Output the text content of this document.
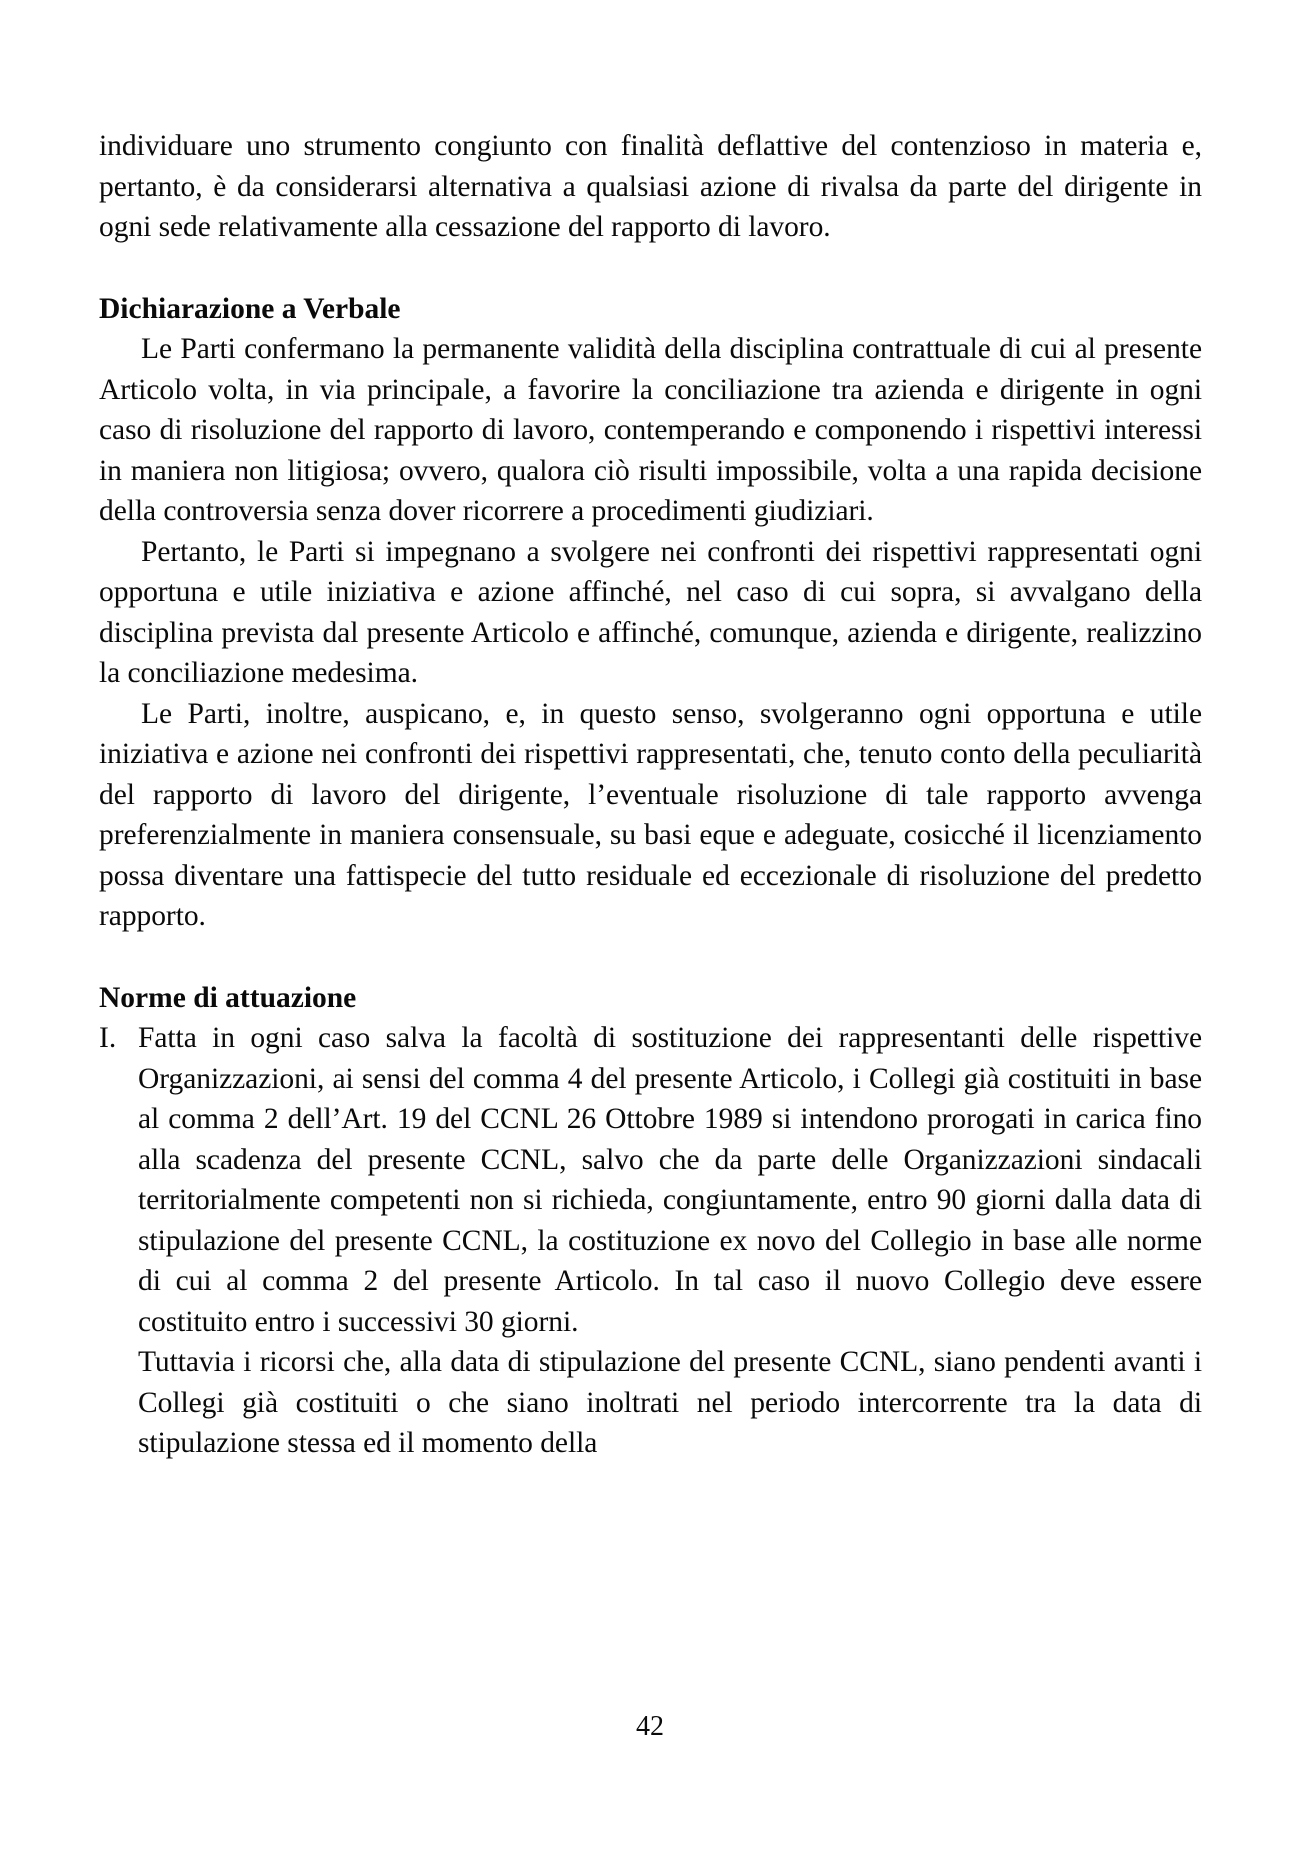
individuare uno strumento congiunto con finalità deflattive del contenzioso in materia e, pertanto, è da considerarsi alternativa a qualsiasi azione di rivalsa da parte del dirigente in ogni sede relativamente alla cessazione del rapporto di lavoro.
Dichiarazione a Verbale
Le Parti confermano la permanente validità della disciplina contrattuale di cui al presente Articolo volta, in via principale, a favorire la conciliazione tra azienda e dirigente in ogni caso di risoluzione del rapporto di lavoro, contemperando e componendo i rispettivi interessi in maniera non litigiosa; ovvero, qualora ciò risulti impossibile, volta a una rapida decisione della controversia senza dover ricorrere a procedimenti giudiziari.
Pertanto, le Parti si impegnano a svolgere nei confronti dei rispettivi rappresentati ogni opportuna e utile iniziativa e azione affinché, nel caso di cui sopra, si avvalgano della disciplina prevista dal presente Articolo e affinché, comunque, azienda e dirigente, realizzino la conciliazione medesima.
Le Parti, inoltre, auspicano, e, in questo senso, svolgeranno ogni opportuna e utile iniziativa e azione nei confronti dei rispettivi rappresentati, che, tenuto conto della peculiarità del rapporto di lavoro del dirigente, l’eventuale risoluzione di tale rapporto avvenga preferenzialmente in maniera consensuale, su basi eque e adeguate, cosicché il licenziamento possa diventare una fattispecie del tutto residuale ed eccezionale di risoluzione del predetto rapporto.
Norme di attuazione
I. Fatta in ogni caso salva la facoltà di sostituzione dei rappresentanti delle rispettive Organizzazioni, ai sensi del comma 4 del presente Articolo, i Collegi già costituiti in base al comma 2 dell’Art. 19 del CCNL 26 Ottobre 1989 si intendono prorogati in carica fino alla scadenza del presente CCNL, salvo che da parte delle Organizzazioni sindacali territorialmente competenti non si richieda, congiuntamente, entro 90 giorni dalla data di stipulazione del presente CCNL, la costituzione ex novo del Collegio in base alle norme di cui al comma 2 del presente Articolo. In tal caso il nuovo Collegio deve essere costituito entro i successivi 30 giorni.
Tuttavia i ricorsi che, alla data di stipulazione del presente CCNL, siano pendenti avanti i Collegi già costituiti o che siano inoltrati nel periodo intercorrente tra la data di stipulazione stessa ed il momento della
42
